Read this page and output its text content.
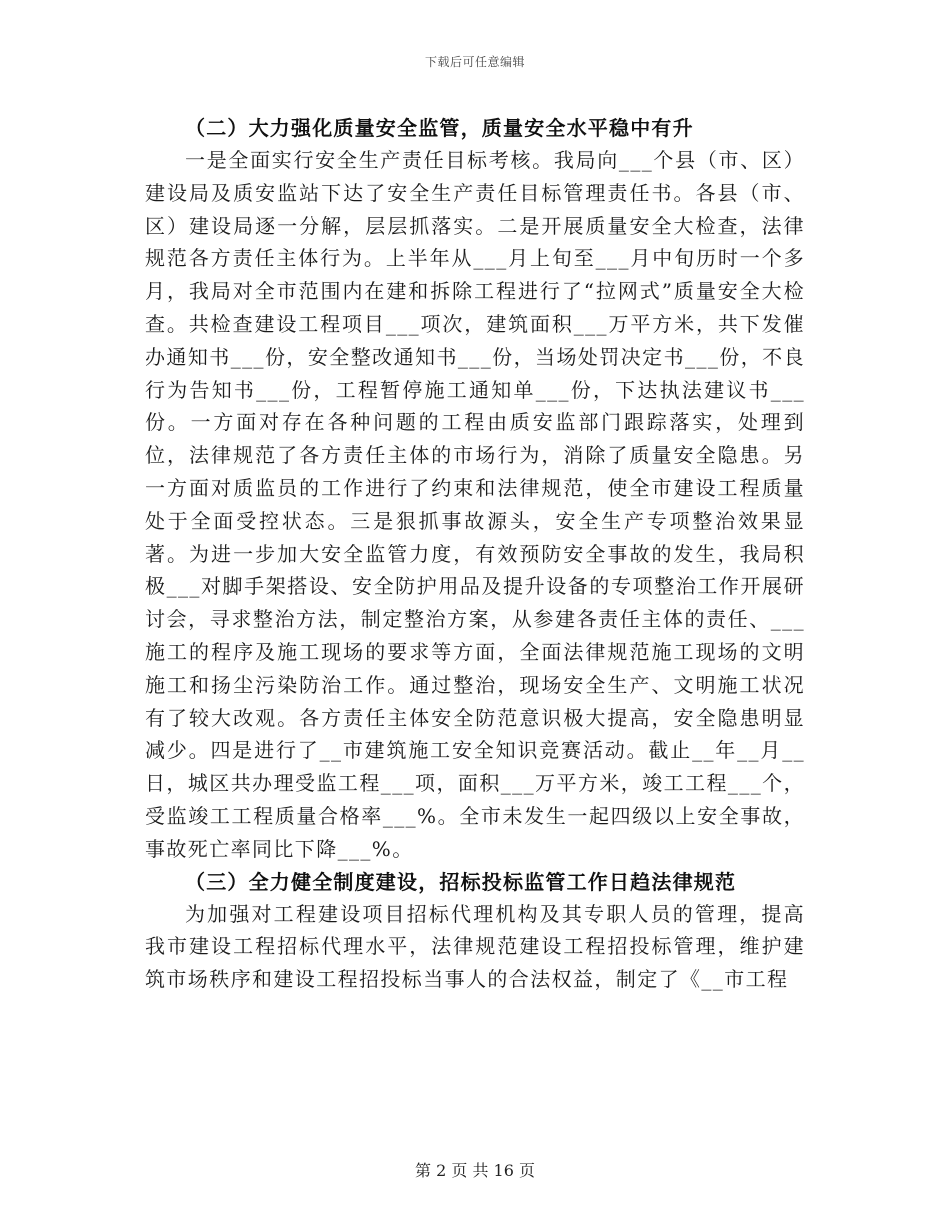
下载后可任意编辑
（二）大力强化质量安全监管，质量安全水平稳中有升

一是全面实行安全生产责任目标考核。我局向___个县（市、区）建设局及质安监站下达了安全生产责任目标管理责任书。各县（市、区）建设局逐一分解，层层抓落实。二是开展质量安全大检查，法律规范各方责任主体行为。上半年从___月上旬至___月中旬历时一个多月，我局对全市范围内在建和拆除工程进行了“拉网式”质量安全大检查。共检查建设工程项目___项次，建筑面积___万平方米，共下发催办通知书___份，安全整改通知书___份，当场处罚决定书___份，不良行为告知书___份，工程暂停施工通知单___份，下达执法建议书___份。一方面对存在各种问题的工程由质安监部门跟踪落实，处理到位，法律规范了各方责任主体的市场行为，消除了质量安全隐患。另一方面对质监员的工作进行了约束和法律规范，使全市建设工程质量处于全面受控状态。三是狠抓事故源头，安全生产专项整治效果显著。为进一步加大安全监管力度，有效预防安全事故的发生，我局积极___对脚手架搭设、安全防护用品及提升设备的专项整治工作开展研讨会，寻求整治方法，制定整治方案，从参建各责任主体的责任、___施工的程序及施工现场的要求等方面，全面法律规范施工现场的文明施工和扬尘污染防治工作。通过整治，现场安全生产、文明施工状况有了较大改观。各方责任主体安全防范意识极大提高，安全隐患明显减少。四是进行了__市建筑施工安全知识竞赛活动。截止__年__月__日，城区共办理受监工程___项，面积___万平方米，竣工工程___个，受监竣工工程质量合格率___%。全市未发生一起四级以上安全事故，事故死亡率同比下降___%。

（三）全力健全制度建设，招标投标监管工作日趋法律规范

为加强对工程建设项目招标代理机构及其专职人员的管理，提高我市建设工程招标代理水平，法律规范建设工程招投标管理，维护建筑市场秩序和建设工程招投标当事人的合法权益，制定了《__市工程

第 2 页 共 16 页
